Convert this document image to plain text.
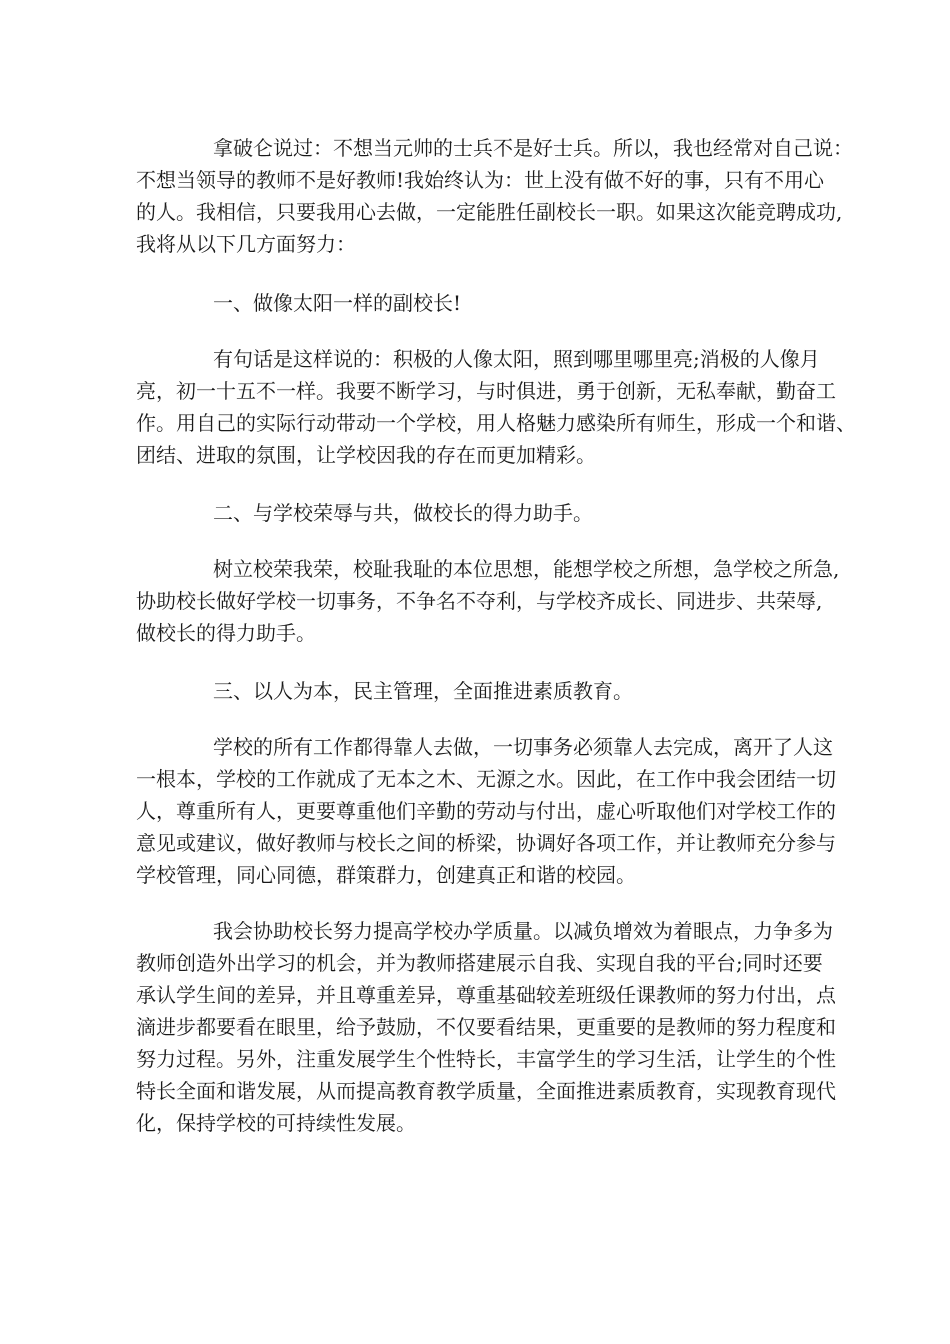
拿破仑说过：不想当元帅的士兵不是好士兵。所以，我也经常对自己说：

不想当领导的教师不是好教师!我始终认为：世上没有做不好的事，只有不用心

的人。我相信，只要我用心去做，一定能胜任副校长一职。如果这次能竞聘成功,

我将从以下几方面努力：

一、做像太阳一样的副校长!

有句话是这样说的：积极的人像太阳，照到哪里哪里亮;消极的人像月

亮，初一十五不一样。我要不断学习，与时俱进，勇于创新，无私奉献，勤奋工

作。用自己的实际行动带动一个学校，用人格魅力感染所有师生，形成一个和谐、

团结、进取的氛围，让学校因我的存在而更加精彩。

二、与学校荣辱与共，做校长的得力助手。

树立校荣我荣，校耻我耻的本位思想，能想学校之所想，急学校之所急,

协助校长做好学校一切事务，不争名不夺利，与学校齐成长、同进步、共荣辱,

做校长的得力助手。

三、以人为本，民主管理，全面推进素质教育。

学校的所有工作都得靠人去做，一切事务必须靠人去完成，离开了人这

一根本，学校的工作就成了无本之木、无源之水。因此，在工作中我会团结一切

人，尊重所有人，更要尊重他们辛勤的劳动与付出，虚心听取他们对学校工作的

意见或建议，做好教师与校长之间的桥梁，协调好各项工作，并让教师充分参与

学校管理，同心同德，群策群力，创建真正和谐的校园。

我会协助校长努力提高学校办学质量。以减负增效为着眼点，力争多为

教师创造外出学习的机会，并为教师搭建展示自我、实现自我的平台;同时还要

承认学生间的差异，并且尊重差异，尊重基础较差班级任课教师的努力付出，点

滴进步都要看在眼里，给予鼓励，不仅要看结果，更重要的是教师的努力程度和

努力过程。另外，注重发展学生个性特长，丰富学生的学习生活，让学生的个性

特长全面和谐发展，从而提高教育教学质量，全面推进素质教育，实现教育现代

化，保持学校的可持续性发展。
